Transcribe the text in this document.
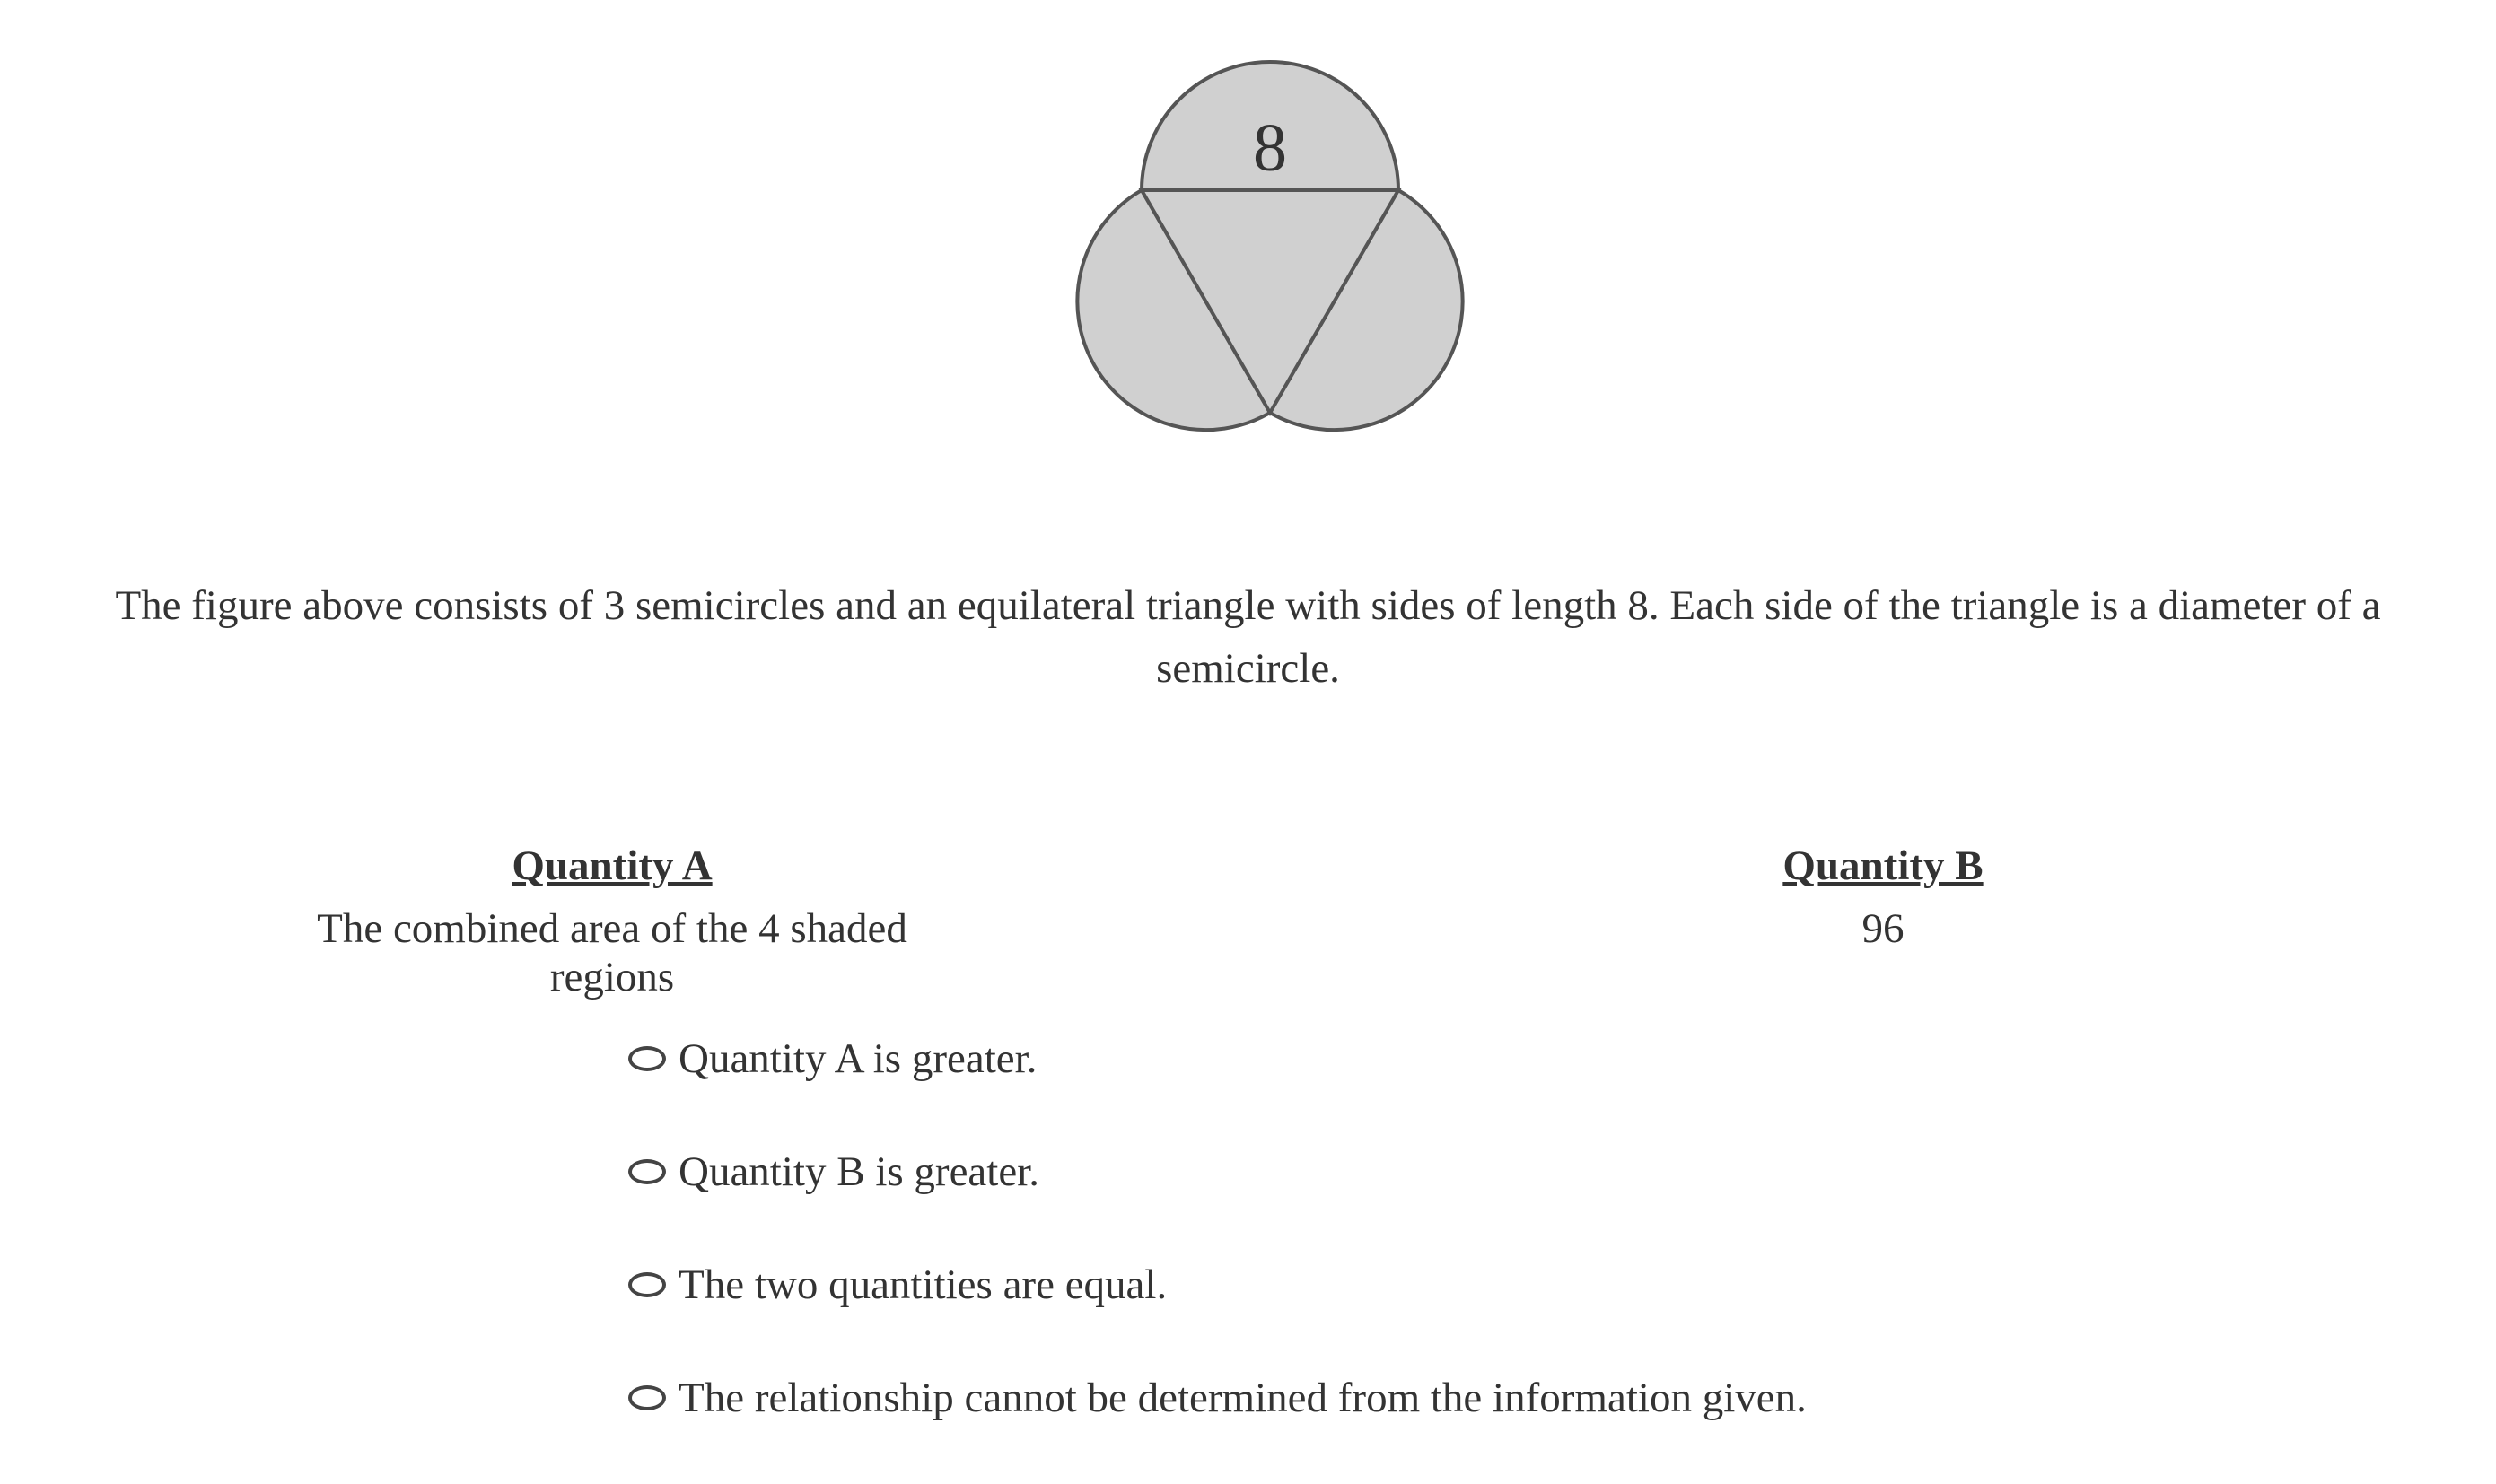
8
The figure above consists of 3 semicircles and an equilateral triangle with sides of length 8. Each side of the triangle is a diameter of a semicircle.
Quantity A
The combined area of the 4 shaded regions
Quantity B
96
Quantity A is greater.
Quantity B is greater.
The two quantities are equal.
The relationship cannot be determined from the information given.
